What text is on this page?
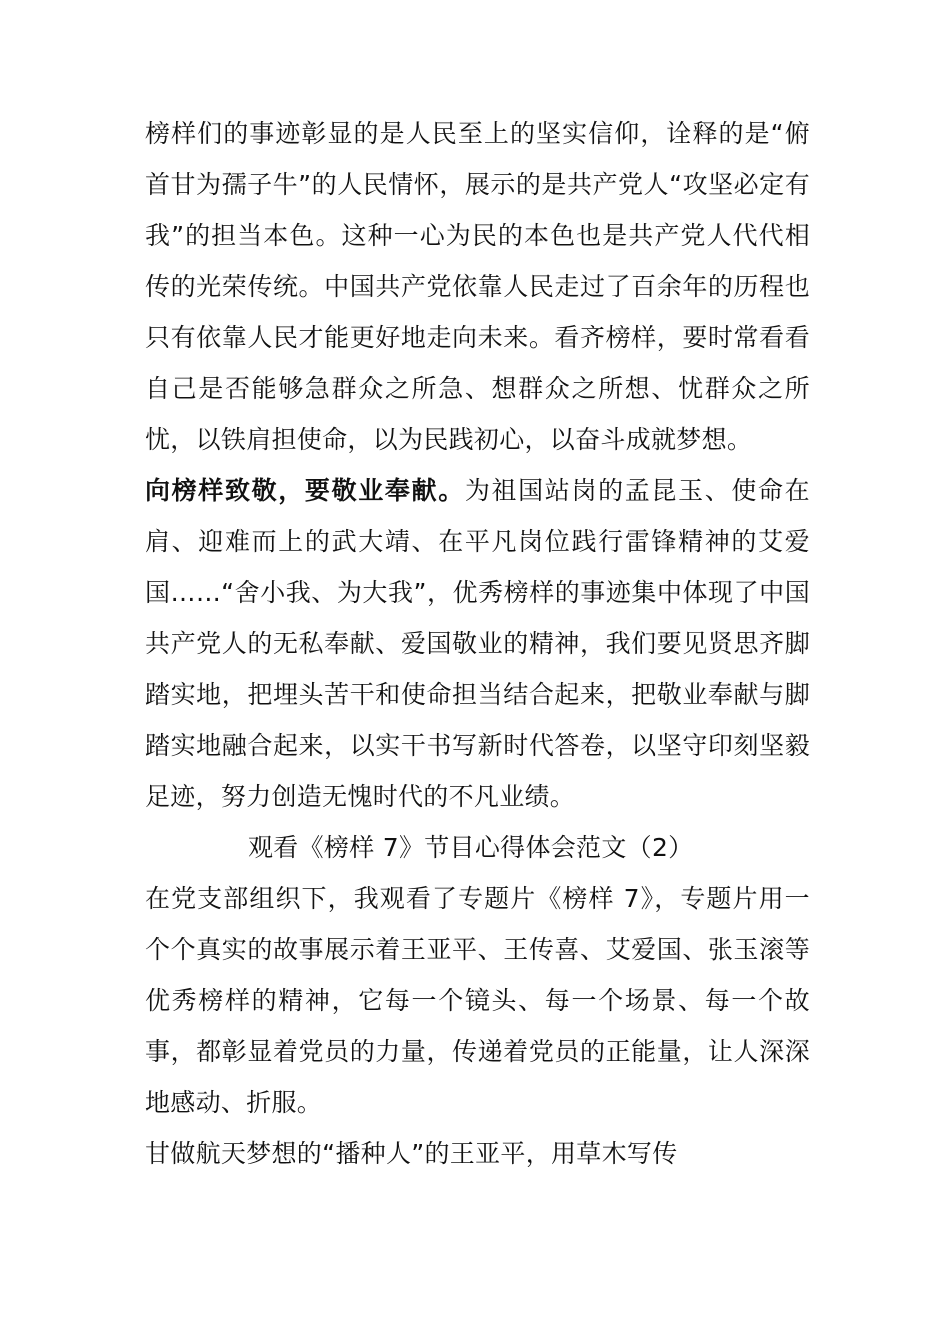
榜样们的事迹彰显的是人民至上的坚实信仰，诠释的是“俯首甘为孺子牛”的人民情怀，展示的是共产党人“攻坚必定有我”的担当本色。这种一心为民的本色也是共产党人代代相传的光荣传统。中国共产党依靠人民走过了百余年的历程也只有依靠人民才能更好地走向未来。看齐榜样，要时常看看自己是否能够急群众之所急、想群众之所想、忧群众之所忧，以铁肩担使命，以为民践初心，以奋斗成就梦想。

向榜样致敬，要敬业奉献。为祖国站岗的孟昆玉、使命在肩、迎难而上的武大靖、在平凡岗位践行雷锋精神的艾爱国……“舍小我、为大我”，优秀榜样的事迹集中体现了中国共产党人的无私奉献、爱国敬业的精神，我们要见贤思齐脚踏实地，把埋头苦干和使命担当结合起来，把敬业奉献与脚踏实地融合起来，以实干书写新时代答卷，以坚守印刻坚毅足迹，努力创造无愧时代的不凡业绩。

观看《榜样 7》节目心得体会范文（2）

在党支部组织下，我观看了专题片《榜样 7》，专题片用一个个真实的故事展示着王亚平、王传喜、艾爱国、张玉滚等优秀榜样的精神，它每一个镜头、每一个场景、每一个故事，都彰显着党员的力量，传递着党员的正能量，让人深深地感动、折服。

甘做航天梦想的“播种人”的王亚平，用草木写传
